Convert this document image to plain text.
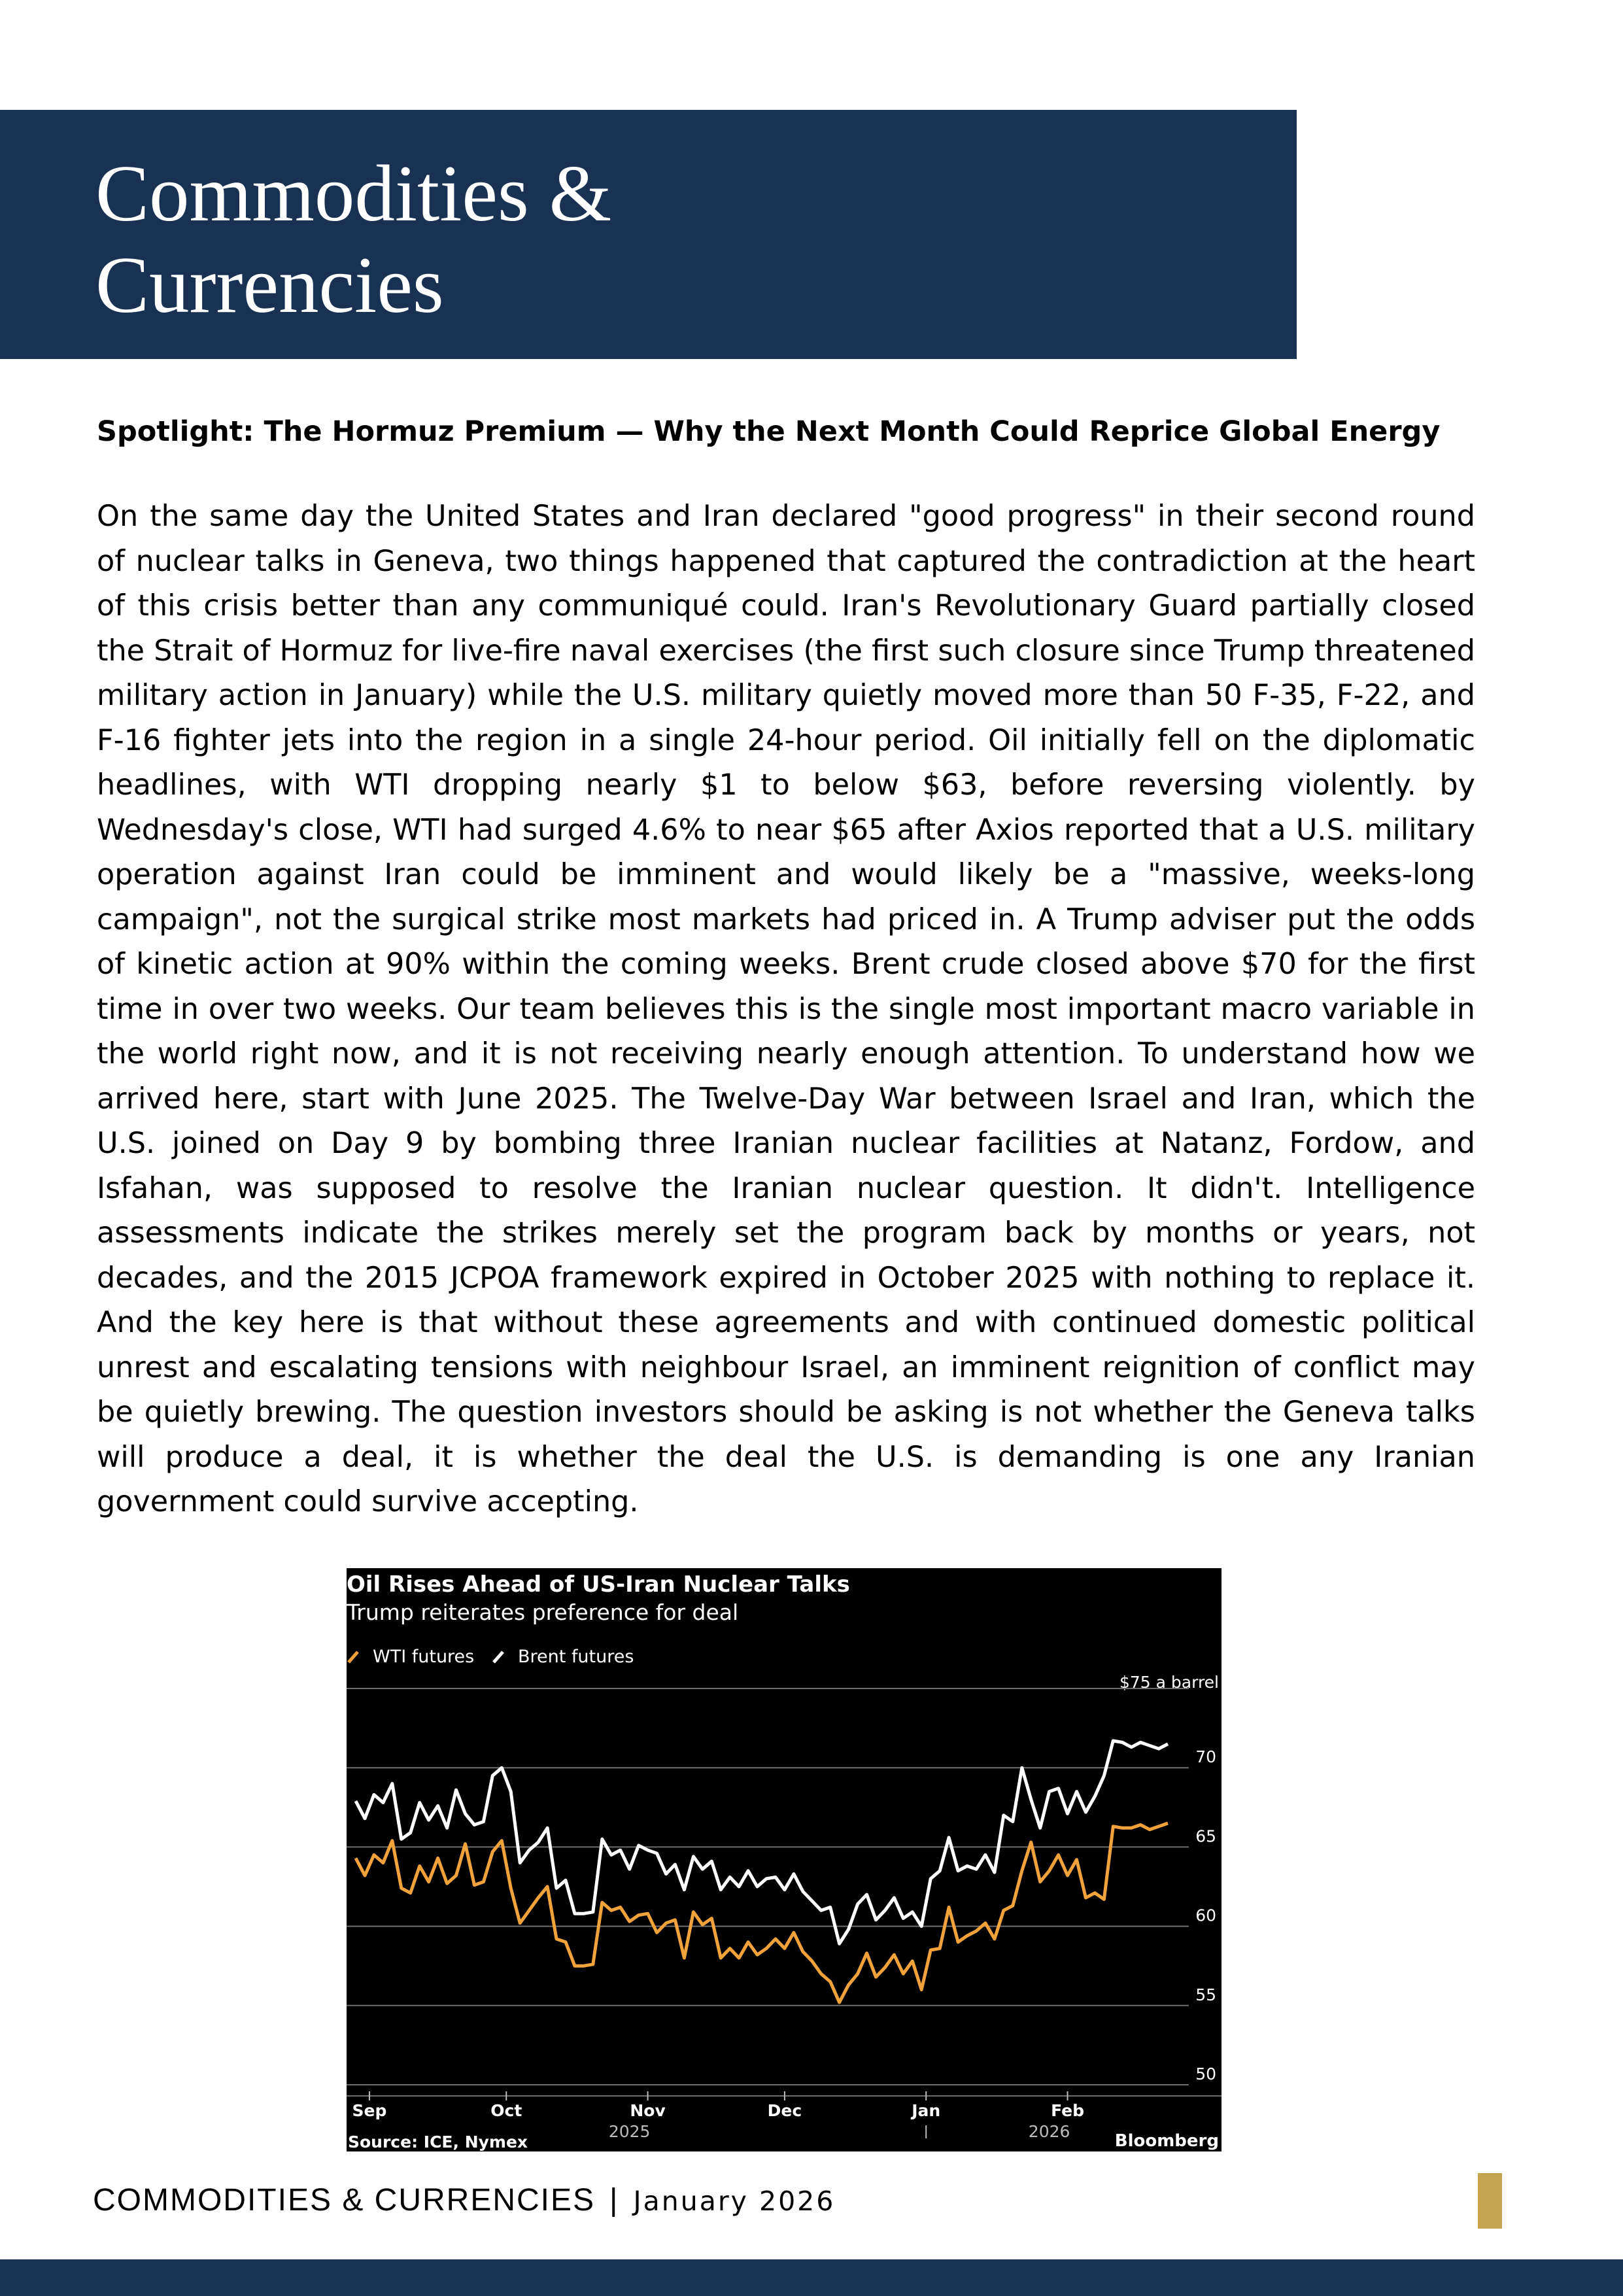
Commodities &
Currencies
Spotlight: The Hormuz Premium — Why the Next Month Could Reprice Global Energy

On the same day the United States and Iran declared "good progress" in their second round of nuclear talks in Geneva, two things happened that captured the contradiction at the heart of this crisis better than any communiqué could. Iran's Revolutionary Guard partially closed the Strait of Hormuz for live-fire naval exercises (the first such closure since Trump threatened military action in January) while the U.S. military quietly moved more than 50 F-35, F-22, and F-16 fighter jets into the region in a single 24-hour period. Oil initially fell on the diplomatic headlines, with WTI dropping nearly $1 to below $63, before reversing violently. by Wednesday's close, WTI had surged 4.6% to near $65 after Axios reported that a U.S. military operation against Iran could be imminent and would likely be a "massive, weeks-long campaign", not the surgical strike most markets had priced in. A Trump adviser put the odds of kinetic action at 90% within the coming weeks. Brent crude closed above $70 for the first time in over two weeks. Our team believes this is the single most important macro variable in the world right now, and it is not receiving nearly enough attention. To understand how we arrived here, start with June 2025. The Twelve-Day War between Israel and Iran, which the U.S. joined on Day 9 by bombing three Iranian nuclear facilities at Natanz, Fordow, and Isfahan, was supposed to resolve the Iranian nuclear question. It didn't. Intelligence assessments indicate the strikes merely set the program back by months or years, not decades, and the 2015 JCPOA framework expired in October 2025 with nothing to replace it. And the key here is that without these agreements and with continued domestic political unrest and escalating tensions with neighbour Israel, an imminent reignition of conflict may be quietly brewing. The question investors should be asking is not whether the Geneva talks will produce a deal, it is whether the deal the U.S. is demanding is one any Iranian government could survive accepting.

Oil Rises Ahead of US-Iran Nuclear Talks
Trump reiterates preference for deal
WTI futures Brent futures
$75 a barrel
70
65
60
55
50
Sep	Oct	Nov	Dec	Jan	Feb
2025	2026
Source: ICE, Nymex	Bloomberg
COMMODITIES & CURRENCIES | January 2026
